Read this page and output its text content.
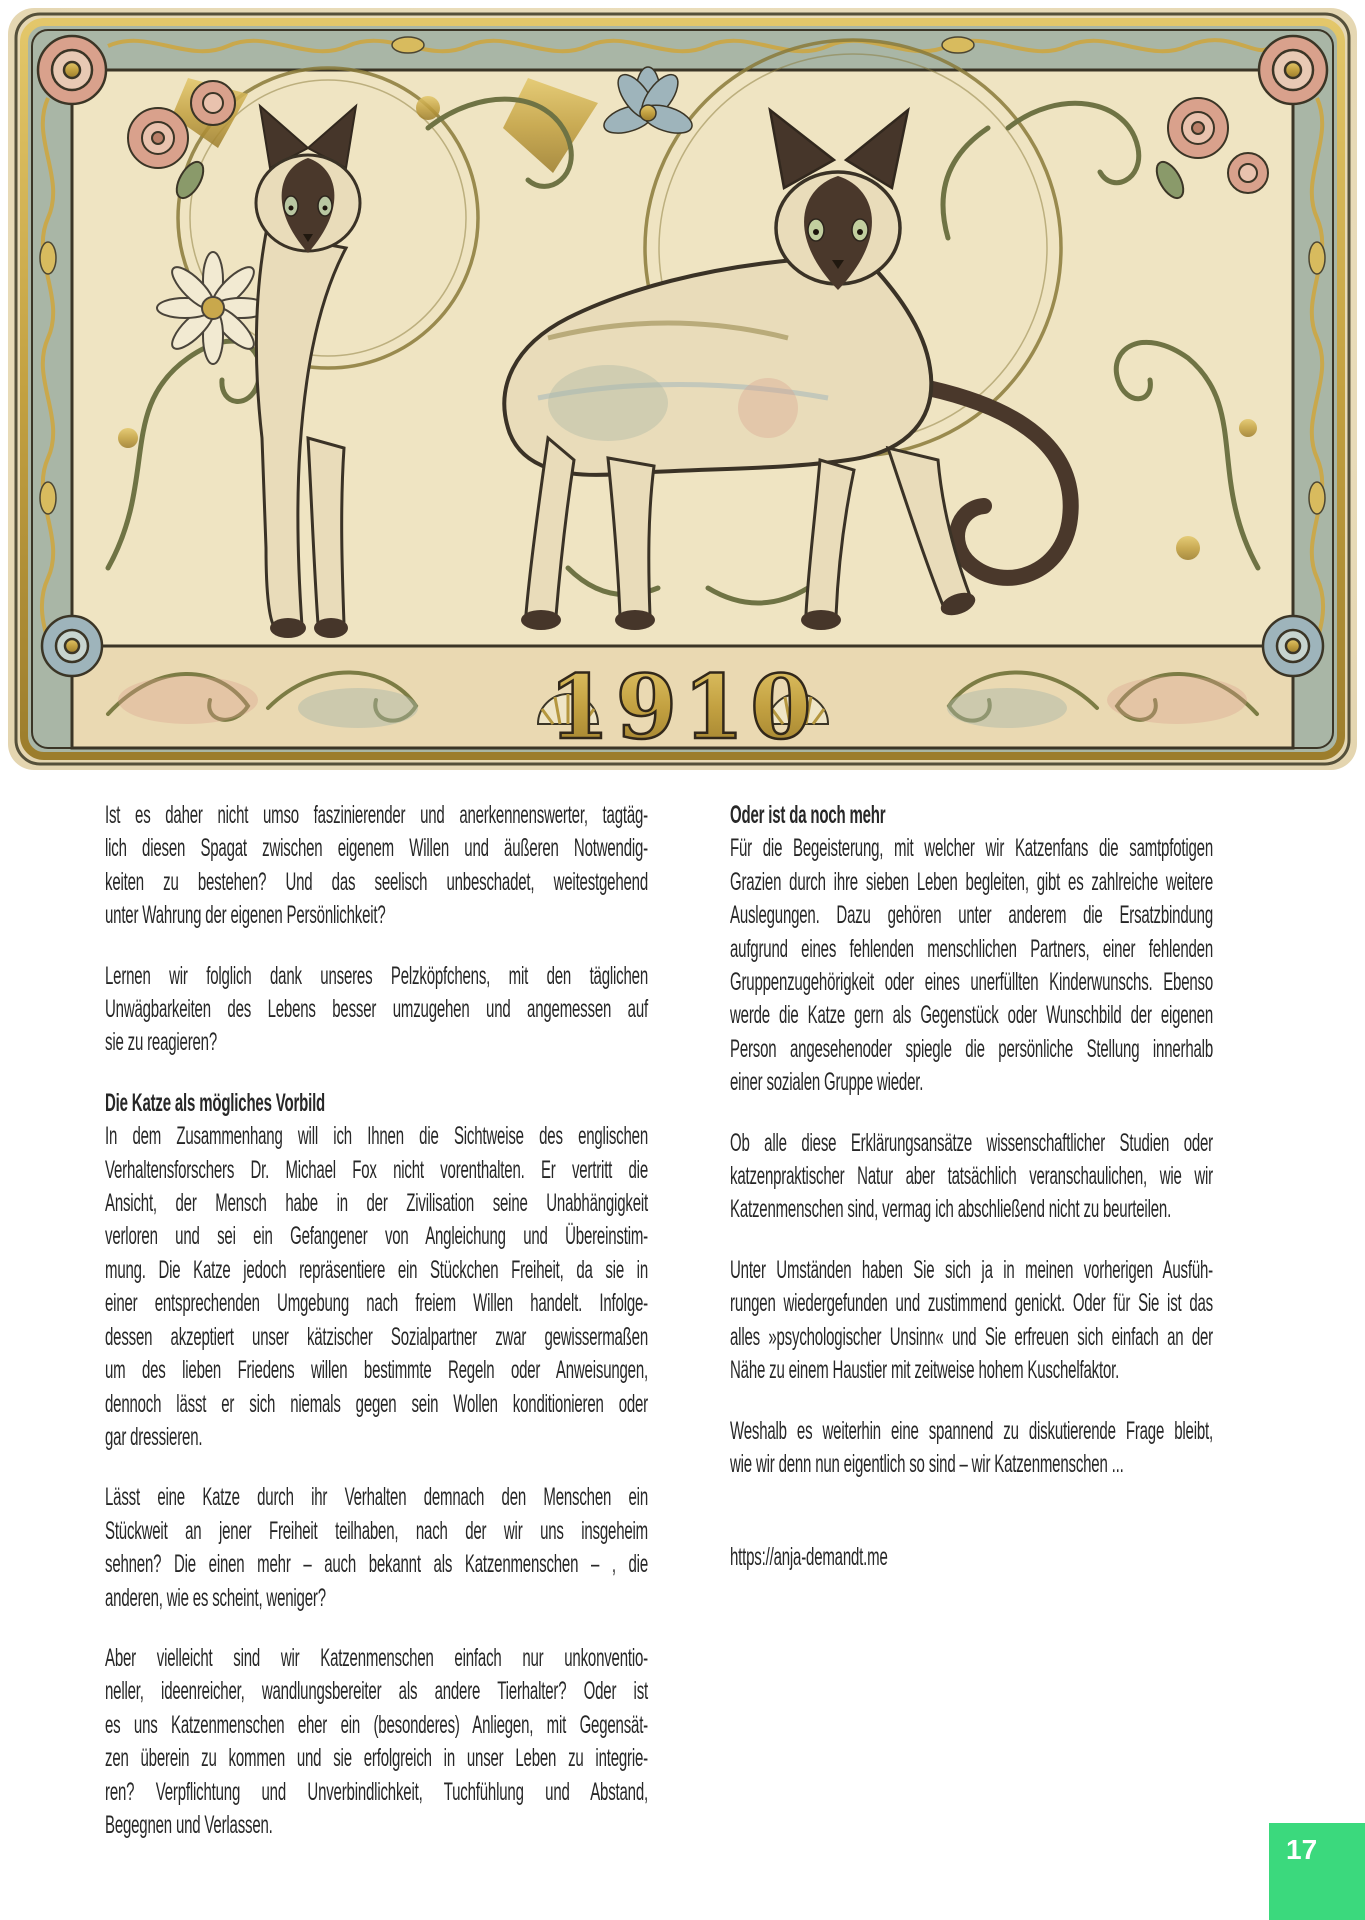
1910
Ist es daher nicht umso faszinierender und anerkennenswerter, tagtäg-
lich diesen Spagat zwischen eigenem Willen und äußeren Notwendig-
keiten zu bestehen? Und das seelisch unbeschadet, weitestgehend
unter Wahrung der eigenen Persönlichkeit?
Lernen wir folglich dank unseres Pelzköpfchens, mit den täglichen
Unwägbarkeiten des Lebens besser umzugehen und angemessen auf
sie zu reagieren?
Die Katze als mögliches Vorbild
In dem Zusammenhang will ich Ihnen die Sichtweise des englischen
Verhaltensforschers Dr. Michael Fox nicht vorenthalten. Er vertritt die
Ansicht, der Mensch habe in der Zivilisation seine Unabhängigkeit
verloren und sei ein Gefangener von Angleichung und Übereinstim-
mung. Die Katze jedoch repräsentiere ein Stückchen Freiheit, da sie in
einer entsprechenden Umgebung nach freiem Willen handelt. Infolge-
dessen akzeptiert unser kätzischer Sozialpartner zwar gewissermaßen
um des lieben Friedens willen bestimmte Regeln oder Anweisungen,
dennoch lässt er sich niemals gegen sein Wollen konditionieren oder
gar dressieren.
Lässt eine Katze durch ihr Verhalten demnach den Menschen ein
Stückweit an jener Freiheit teilhaben, nach der wir uns insgeheim
sehnen? Die einen mehr – auch bekannt als Katzenmenschen – , die
anderen, wie es scheint, weniger?
Aber vielleicht sind wir Katzenmenschen einfach nur unkonventio-
neller, ideenreicher, wandlungsbereiter als andere Tierhalter? Oder ist
es uns Katzenmenschen eher ein (besonderes) Anliegen, mit Gegensät-
zen überein zu kommen und sie erfolgreich in unser Leben zu integrie-
ren? Verpflichtung und Unverbindlichkeit, Tuchfühlung und Abstand,
Begegnen und Verlassen.
Oder ist da noch mehr
Für die Begeisterung, mit welcher wir Katzenfans die samtpfotigen
Grazien durch ihre sieben Leben begleiten, gibt es zahlreiche weitere
Auslegungen. Dazu gehören unter anderem die Ersatzbindung
aufgrund eines fehlenden menschlichen Partners, einer fehlenden
Gruppenzugehörigkeit oder eines unerfüllten Kinderwunschs. Ebenso
werde die Katze gern als Gegenstück oder Wunschbild der eigenen
Person angesehenoder spiegle die persönliche Stellung innerhalb
einer sozialen Gruppe wieder.
Ob alle diese Erklärungsansätze wissenschaftlicher Studien oder
katzenpraktischer Natur aber tatsächlich veranschaulichen, wie wir
Katzenmenschen sind, vermag ich abschließend nicht zu beurteilen.
Unter Umständen haben Sie sich ja in meinen vorherigen Ausfüh-
rungen wiedergefunden und zustimmend genickt. Oder für Sie ist das
alles »psychologischer Unsinn« und Sie erfreuen sich einfach an der
Nähe zu einem Haustier mit zeitweise hohem Kuschelfaktor.
Weshalb es weiterhin eine spannend zu diskutierende Frage bleibt,
wie wir denn nun eigentlich so sind – wir Katzenmenschen ...
https://anja-demandt.me
17
